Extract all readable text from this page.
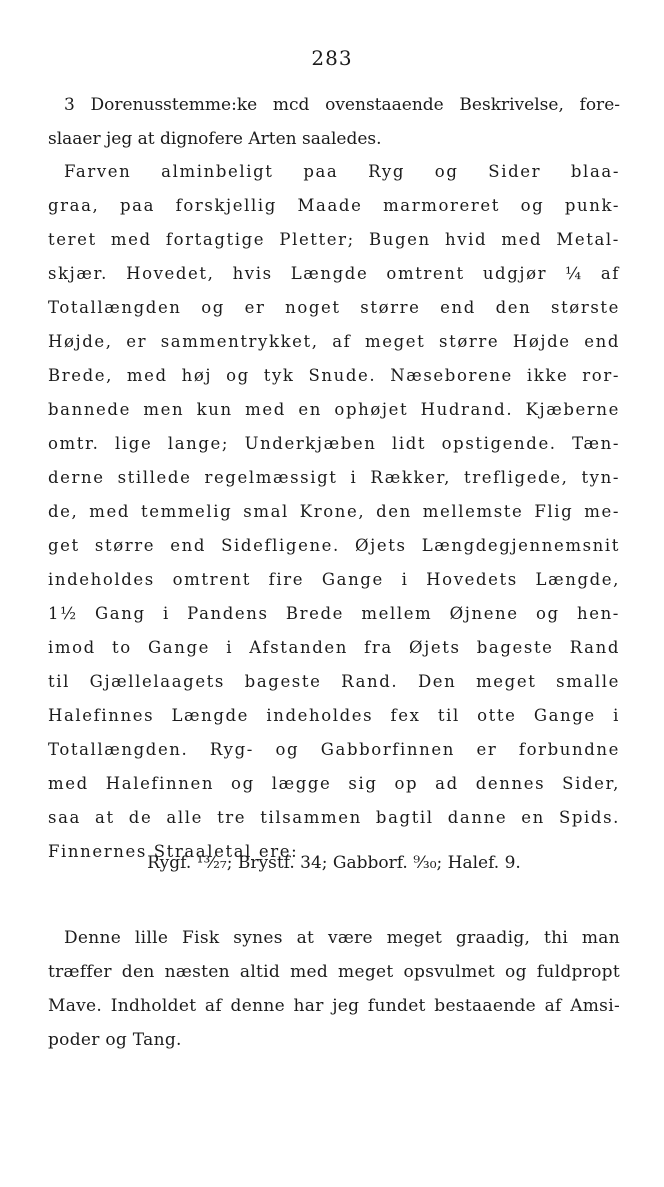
283
3 Dorenusstemme:ke mcd ovenstaaende Beskrivelse, fore-
slaaer jeg at dignofere Arten saaledes.
Farven alminbeligt paa Ryg og Sider blaa-
graa, paa forskjellig Maade marmoreret og punk-
teret med fortagtige Pletter; Bugen hvid med Metal-
skjær. Hovedet, hvis Længde omtrent udgjør ¼ af
Totallængden og er noget større end den største
Højde, er sammentrykket, af meget større Højde end
Brede, med høj og tyk Snude. Næseborene ikke ror-
bannede men kun med en ophøjet Hudrand. Kjæberne
omtr. lige lange; Underkjæben lidt opstigende. Tæn-
derne stillede regelmæssigt i Rækker, trefligede, tyn-
de, med temmelig smal Krone, den mellemste Flig me-
get større end Sidefligene. Øjets Længdegjennemsnit
indeholdes omtrent fire Gange i Hovedets Længde,
1½ Gang i Pandens Brede mellem Øjnene og hen-
imod to Gange i Afstanden fra Øjets bageste Rand
til Gjællelaagets bageste Rand. Den meget smalle
Halefinnes Længde indeholdes fex til otte Gange i
Totallængden. Ryg- og Gabborfinnen er forbundne
med Halefinnen og lægge sig op ad dennes Sider,
saa at de alle tre tilsammen bagtil danne en Spids.
Finnernes Straaletal ere:
Rygf. ¹³⁄₂₇; Brystf. 34; Gabborf. ⁹⁄₃₀; Halef. 9.
Denne lille Fisk synes at være meget graadig, thi man
træffer den næsten altid med meget opsvulmet og fuldpropt
Mave. Indholdet af denne har jeg fundet bestaaende af Amsi-
poder og Tang.
